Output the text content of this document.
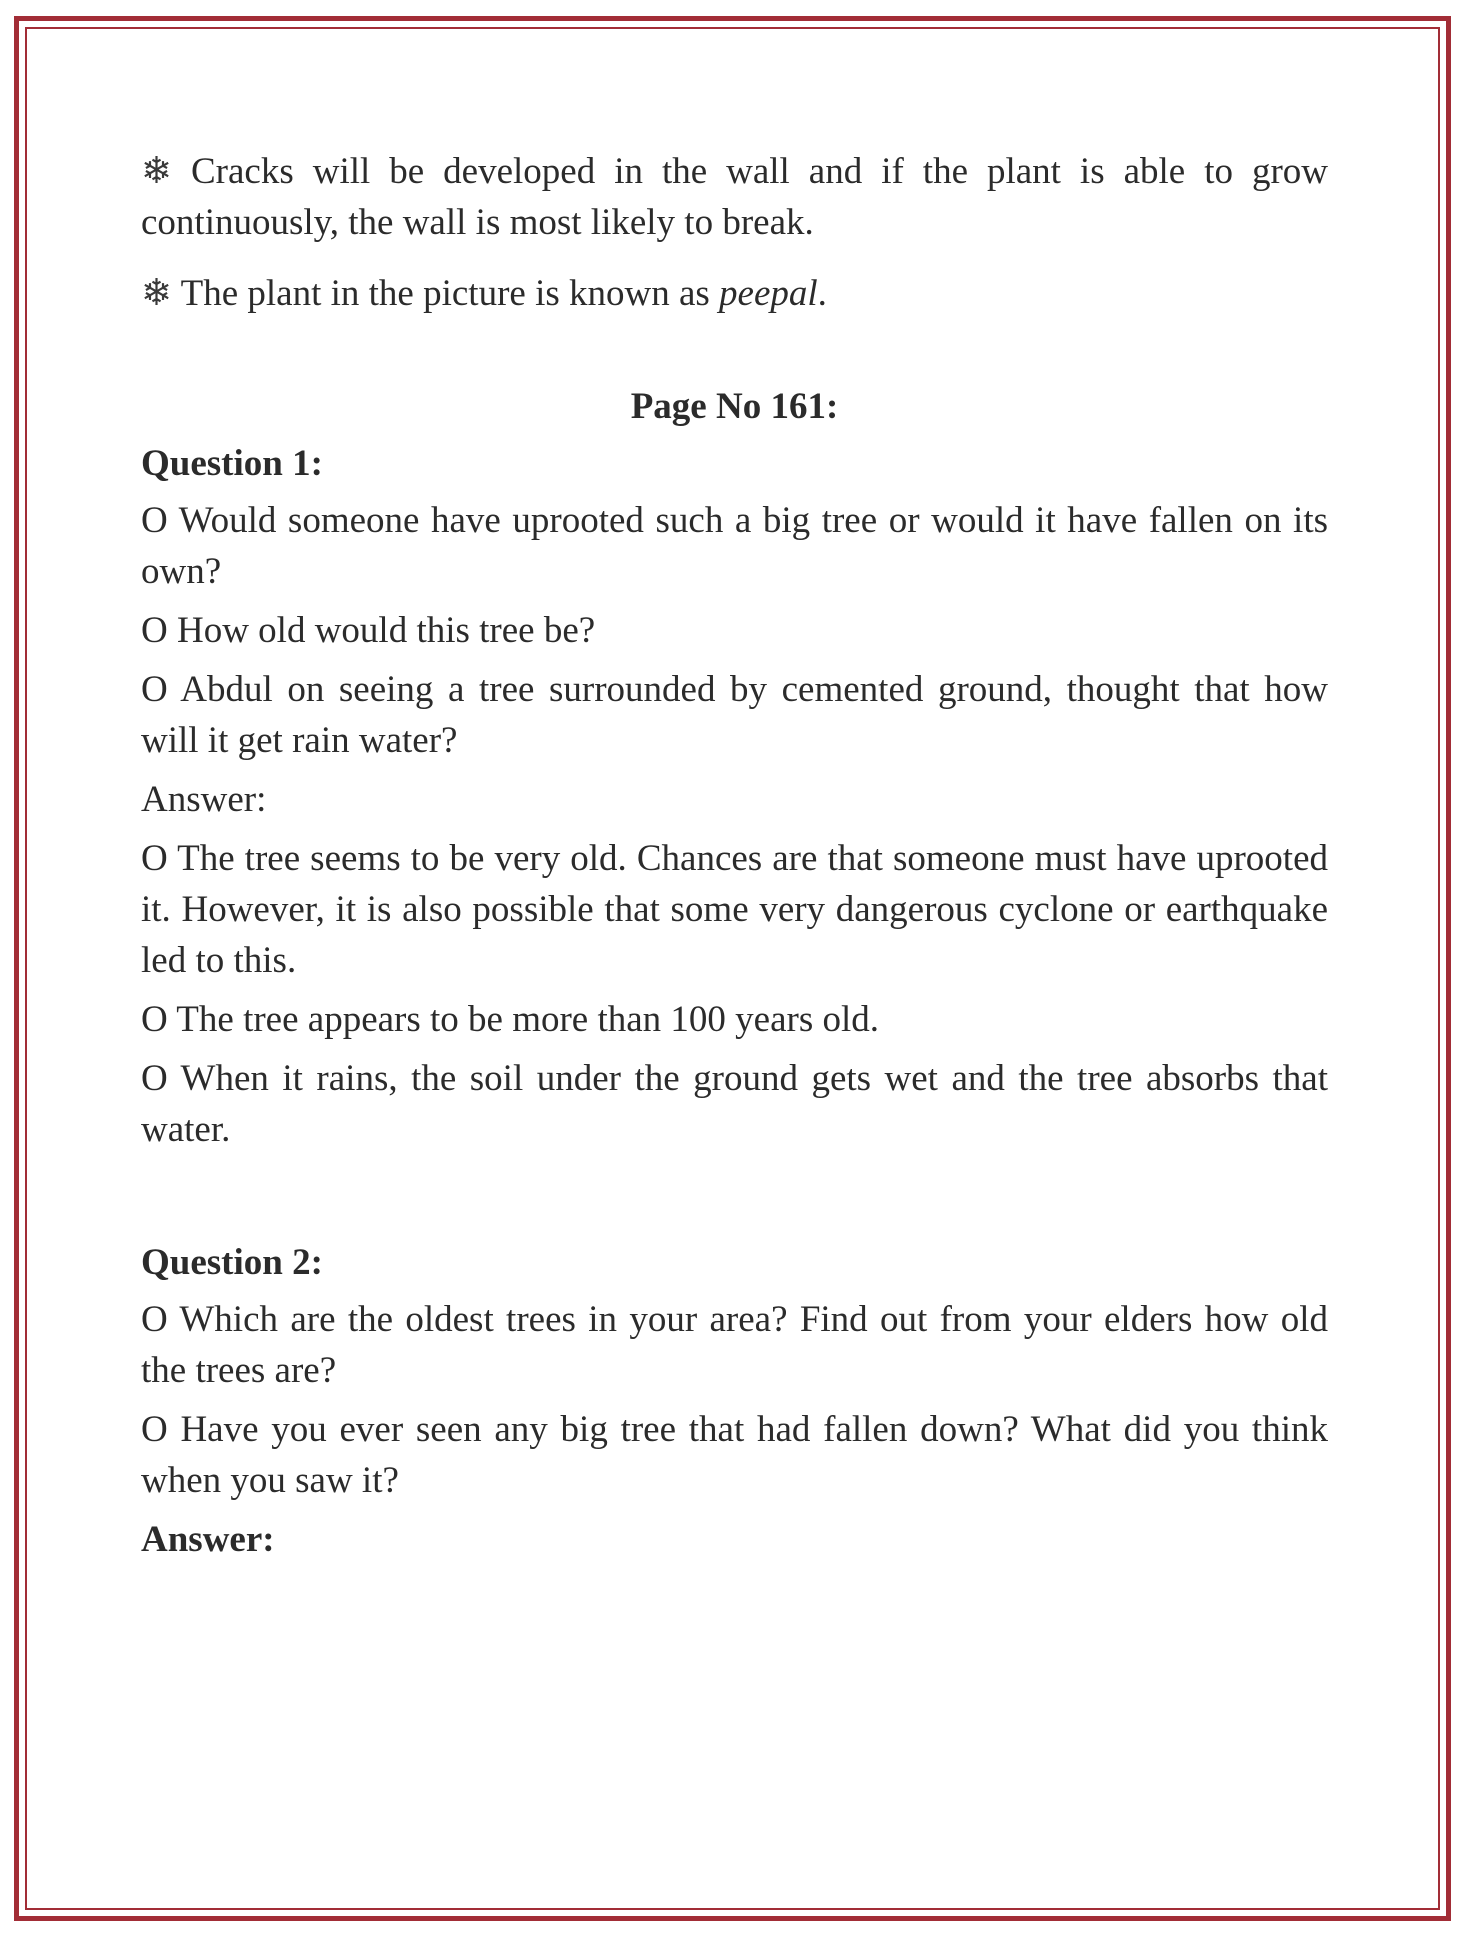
❄ Cracks will be developed in the wall and if the plant is able to grow continuously, the wall is most likely to break.

❄ The plant in the picture is known as peepal.

Page No 161:

Question 1:

O Would someone have uprooted such a big tree or would it have fallen on its own?

O How old would this tree be?

O Abdul on seeing a tree surrounded by cemented ground, thought that how will it get rain water?

Answer:

O The tree seems to be very old. Chances are that someone must have uprooted it. However, it is also possible that some very dangerous cyclone or earthquake led to this.

O The tree appears to be more than 100 years old.

O When it rains, the soil under the ground gets wet and the tree absorbs that water.

Question 2:

O Which are the oldest trees in your area? Find out from your elders how old the trees are?

O Have you ever seen any big tree that had fallen down? What did you think when you saw it?

Answer:
